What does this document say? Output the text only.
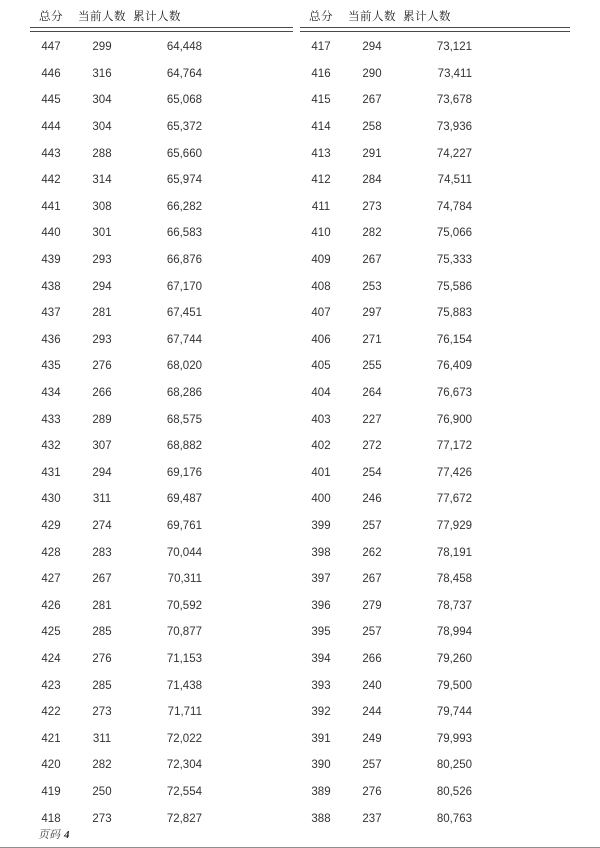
总分	当前人数 累计人数
447	299	64,448
446	316	64,764
445	304	65,068
444	304	65,372
443	288	65,660
442	314	65,974
441	308	66,282
440	301	66,583
439	293	66,876
438	294	67,170
437	281	67,451
436	293	67,744
435	276	68,020
434	266	68,286
433	289	68,575
432	307	68,882
431	294	69,176
430	311	69,487
429	274	69,761
428	283	70,044
427	267	70,311
426	281	70,592
425	285	70,877
424	276	71,153
423	285	71,438
422	273	71,711
421	311	72,022
420	282	72,304
419	250	72,554
418	273	72,827
总分	当前人数 累计人数
417	294	73,121
416	290	73,411
415	267	73,678
414	258	73,936
413	291	74,227
412	284	74,511
411	273	74,784
410	282	75,066
409	267	75,333
408	253	75,586
407	297	75,883
406	271	76,154
405	255	76,409
404	264	76,673
403	227	76,900
402	272	77,172
401	254	77,426
400	246	77,672
399	257	77,929
398	262	78,191
397	267	78,458
396	279	78,737
395	257	78,994
394	266	79,260
393	240	79,500
392	244	79,744
391	249	79,993
390	257	80,250
389	276	80,526
388	237	80,763
页码 4
